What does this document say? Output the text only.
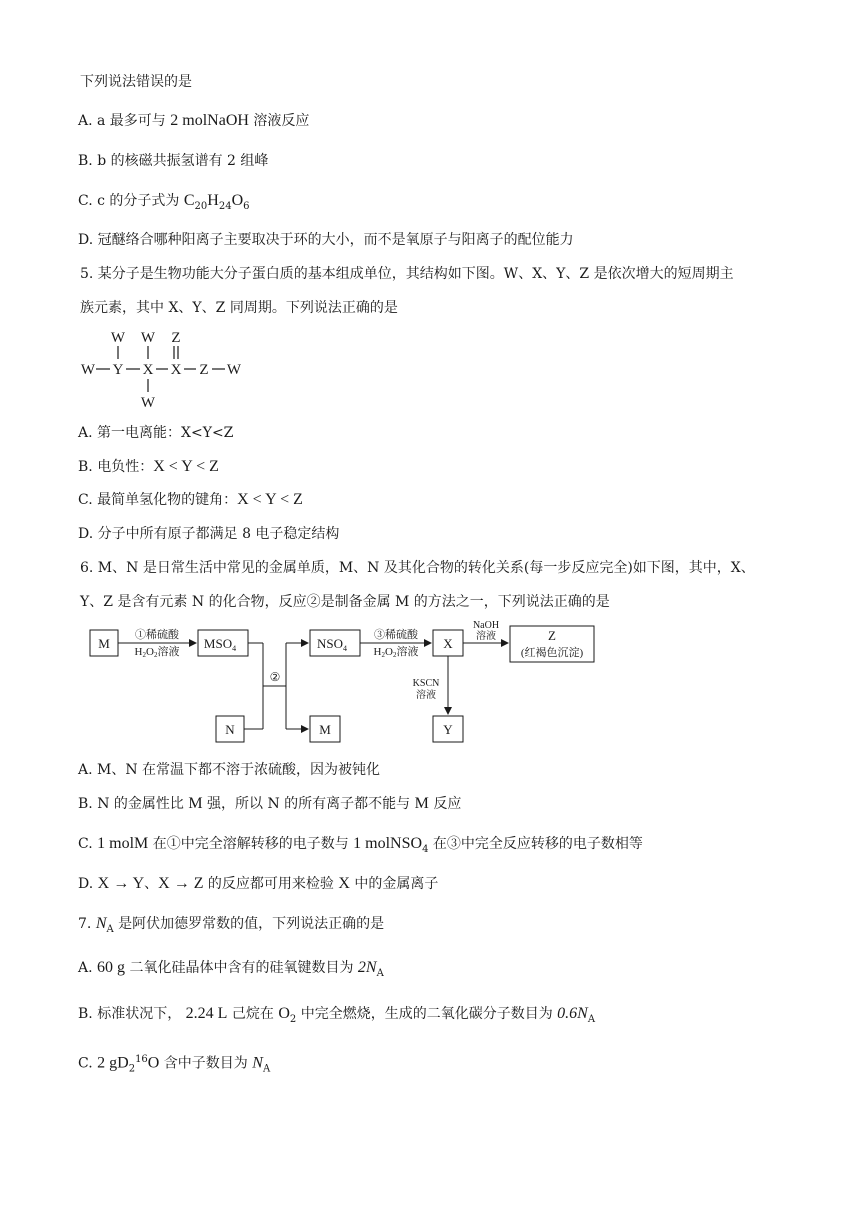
下列说法错误的是
A. a 最多可与 2 molNaOH 溶液反应
B. b 的核磁共振氢谱有 2 组峰
C. c 的分子式为 $C_{20}H_{24}O_6$
D. 冠醚络合哪种阳离子主要取决于环的大小，而不是氧原子与阳离子的配位能力
5. 某分子是生物功能大分子蛋白质的基本组成单位，其结构如下图。W、X、Y、Z 是依次增大的短周期主
族元素，其中 X、Y、Z 同周期。下列说法正确的是
W W Z
W Y X X Z W
W
A. 第一电离能：X<Y<Z
B. 电负性：X < Y < Z
C. 最简单氢化物的键角：X < Y < Z
D. 分子中所有原子都满足 8 电子稳定结构
6. M、N 是日常生活中常见的金属单质，M、N 及其化合物的转化关系(每一步反应完全)如下图，其中，X、
Y、Z 是含有元素 N 的化合物，反应②是制备金属 M 的方法之一，下列说法正确的是
M	$MSO_4$	$NSO_4$	X
Z
(红褐色沉淀)
N	M	Y
①稀硫酸
H2O2溶液
②
③稀硫酸
H2O2溶液
NaOH
溶液
KSCN
溶液
A. M、N 在常温下都不溶于浓硫酸，因为被钝化
B. N 的金属性比 M 强，所以 N 的所有离子都不能与 M 反应
C. 1 molM 在①中完全溶解转移的电子数与 1 molNSO$_4$ 在③中完全反应转移的电子数相等
D. X → Y、X → Z 的反应都可用来检验 X 中的金属离子
7. $N_A$ 是阿伏加德罗常数的值，下列说法正确的是
A. 60 g 二氧化硅晶体中含有的硅氧键数目为 $2N_A$
B. 标准状况下， 2.24 L 己烷在 $O_2$ 中完全燃烧，生成的二氧化碳分子数目为 $0.6N_A$
C. 2 $gD_2^{16}O$ 含中子数目为 $N_A$
